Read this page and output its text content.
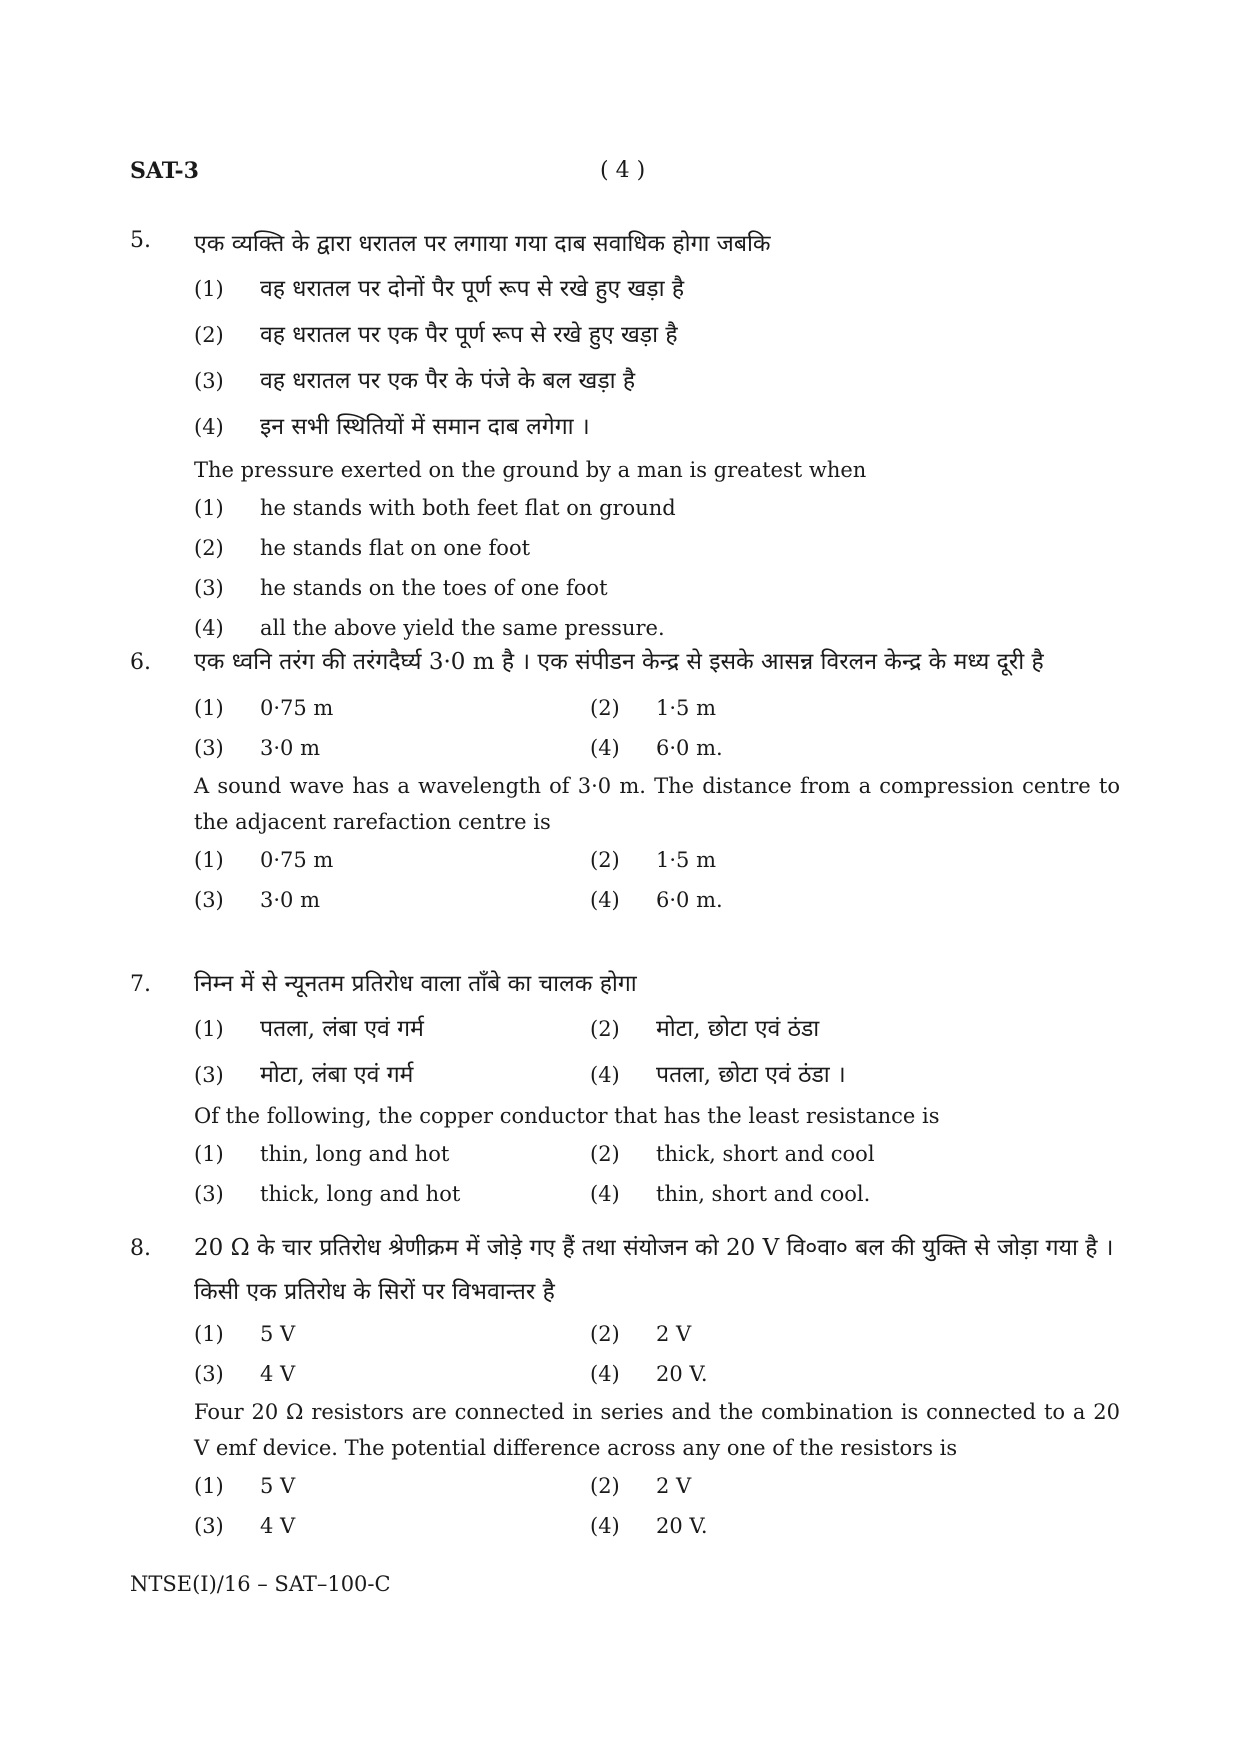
SAT-3	( 4 )
5. एक व्यक्ति के द्वारा धरातल पर लगाया गया दाब सवाधिक होगा जबकि
(1) वह धरातल पर दोनों पैर पूर्ण रूप से रखे हुए खड़ा है
(2) वह धरातल पर एक पैर पूर्ण रूप से रखे हुए खड़ा है
(3) वह धरातल पर एक पैर के पंजे के बल खड़ा है
(4) इन सभी स्थितियों में समान दाब लगेगा ।
The pressure exerted on the ground by a man is greatest when
(1) he stands with both feet flat on ground
(2) he stands flat on one foot
(3) he stands on the toes of one foot
(4) all the above yield the same pressure.
6. एक ध्वनि तरंग की तरंगदैर्घ्य 3·0 m है । एक संपीडन केन्द्र से इसके आसन्न विरलन केन्द्र के मध्य दूरी है
(1) 0·75 m	(2) 1·5 m
(3) 3·0 m	(4) 6·0 m.
A sound wave has a wavelength of 3·0 m. The distance from a compression centre to the adjacent rarefaction centre is
(1) 0·75 m	(2) 1·5 m
(3) 3·0 m	(4) 6·0 m.
7. निम्न में से न्यूनतम प्रतिरोध वाला ताँबे का चालक होगा
(1) पतला, लंबा एवं गर्म	(2) मोटा, छोटा एवं ठंडा
(3) मोटा, लंबा एवं गर्म	(4) पतला, छोटा एवं ठंडा ।
Of the following, the copper conductor that has the least resistance is
(1) thin, long and hot	(2) thick, short and cool
(3) thick, long and hot	(4) thin, short and cool.
8. 20 Ω के चार प्रतिरोध श्रेणीक्रम में जोड़े गए हैं तथा संयोजन को 20 V वि०वा० बल की युक्ति से जोड़ा गया है । किसी एक प्रतिरोध के सिरों पर विभवान्तर है
(1) 5 V	(2) 2 V
(3) 4 V	(4) 20 V.
Four 20 Ω resistors are connected in series and the combination is connected to a 20 V emf device. The potential difference across any one of the resistors is
(1) 5 V	(2) 2 V
(3) 4 V	(4) 20 V.
NTSE(I)/16 – SAT–100-C
